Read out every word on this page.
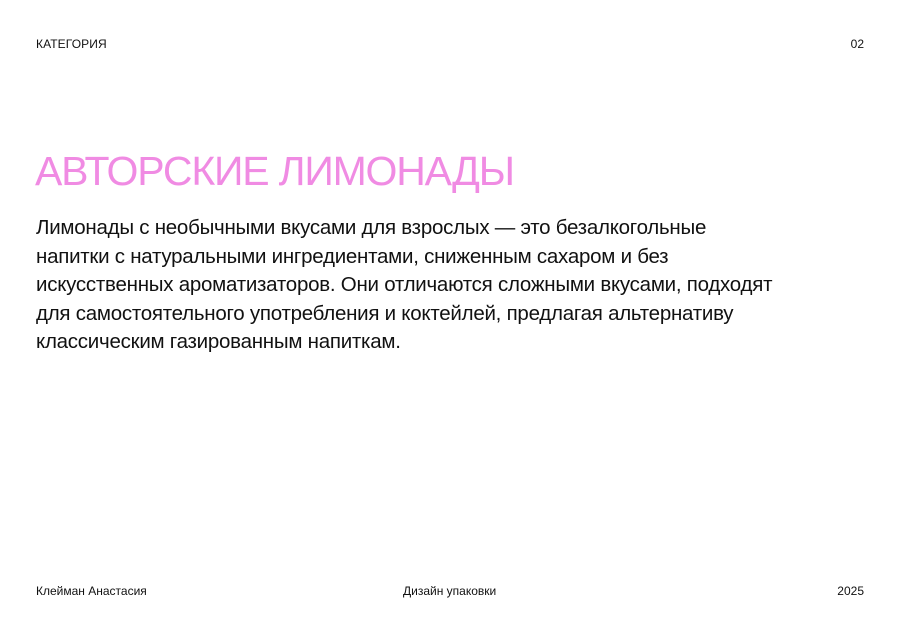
КАТЕГОРИЯ	02
АВТОРСКИЕ ЛИМОНАДЫ

Лимонады с необычными вкусами для взрослых — это безалкогольные напитки с натуральными ингредиентами, сниженным сахаром и без искусственных ароматизаторов. Они отличаются сложными вкусами, подходят для самостоятельного употребления и коктейлей, предлагая альтернативу классическим газированным напиткам.

Клейман Анастасия	Дизайн упаковки	2025
